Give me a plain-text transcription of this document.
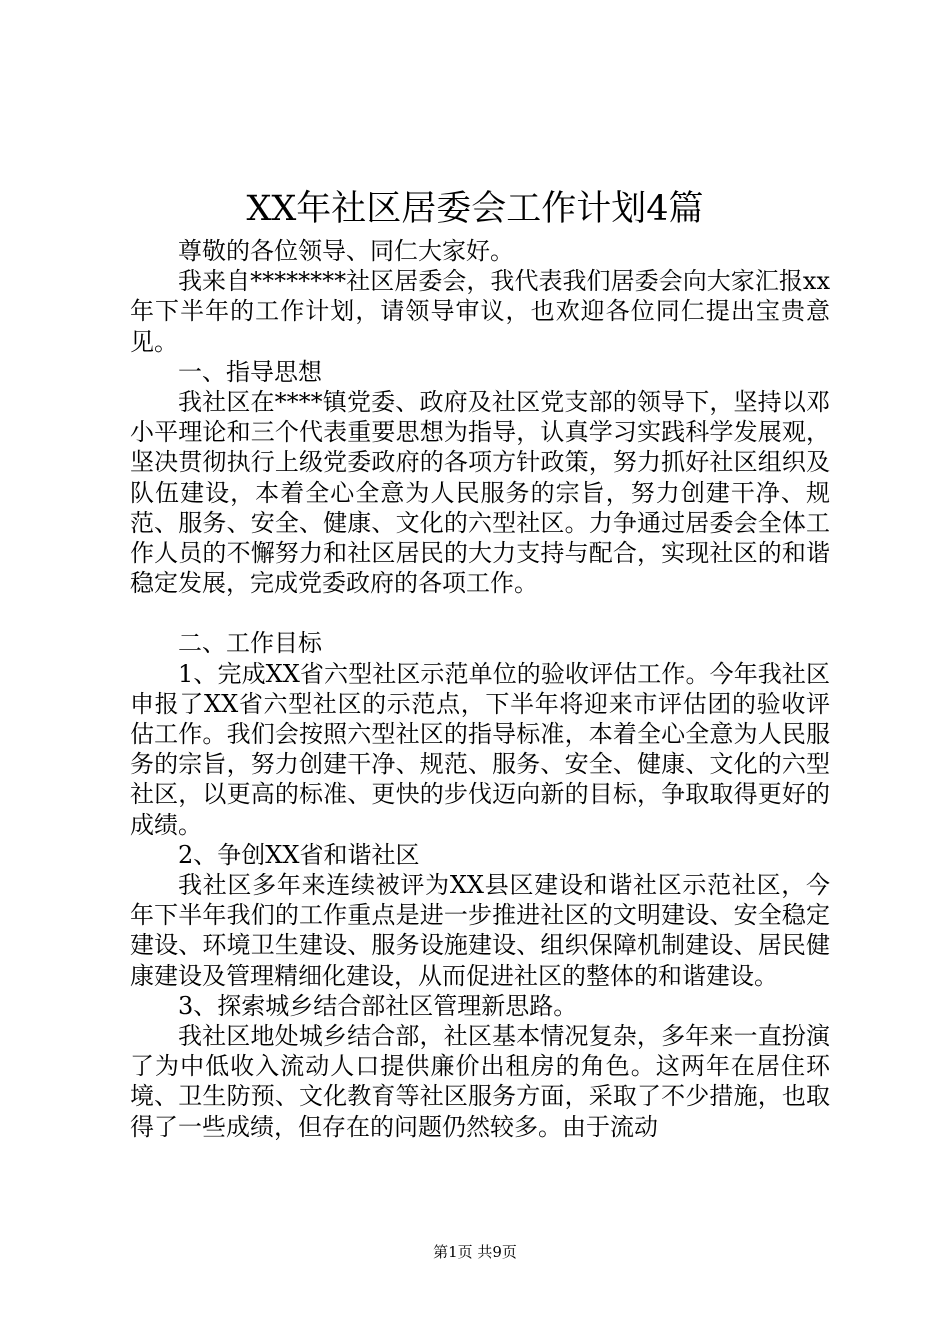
XX年社区居委会工作计划4篇

尊敬的各位领导、同仁大家好。

我来自********社区居委会，我代表我们居委会向大家汇报xx年下半年的工作计划，请领导审议，也欢迎各位同仁提出宝贵意见。

一、指导思想

我社区在****镇党委、政府及社区党支部的领导下，坚持以邓小平理论和三个代表重要思想为指导，认真学习实践科学发展观，坚决贯彻执行上级党委政府的各项方针政策，努力抓好社区组织及队伍建设，本着全心全意为人民服务的宗旨，努力创建干净、规范、服务、安全、健康、文化的六型社区。力争通过居委会全体工作人员的不懈努力和社区居民的大力支持与配合，实现社区的和谐稳定发展，完成党委政府的各项工作。

二、工作目标

1、完成XX省六型社区示范单位的验收评估工作。今年我社区申报了XX省六型社区的示范点，下半年将迎来市评估团的验收评估工作。我们会按照六型社区的指导标准，本着全心全意为人民服务的宗旨，努力创建干净、规范、服务、安全、健康、文化的六型社区，以更高的标准、更快的步伐迈向新的目标，争取取得更好的成绩。

2、争创XX省和谐社区

我社区多年来连续被评为XX县区建设和谐社区示范社区，今年下半年我们的工作重点是进一步推进社区的文明建设、安全稳定建设、环境卫生建设、服务设施建设、组织保障机制建设、居民健康建设及管理精细化建设，从而促进社区的整体的和谐建设。

3、探索城乡结合部社区管理新思路。

我社区地处城乡结合部，社区基本情况复杂，多年来一直扮演了为中低收入流动人口提供廉价出租房的角色。这两年在居住环境、卫生防预、文化教育等社区服务方面，采取了不少措施，也取得了一些成绩，但存在的问题仍然较多。由于流动

第1页 共9页
